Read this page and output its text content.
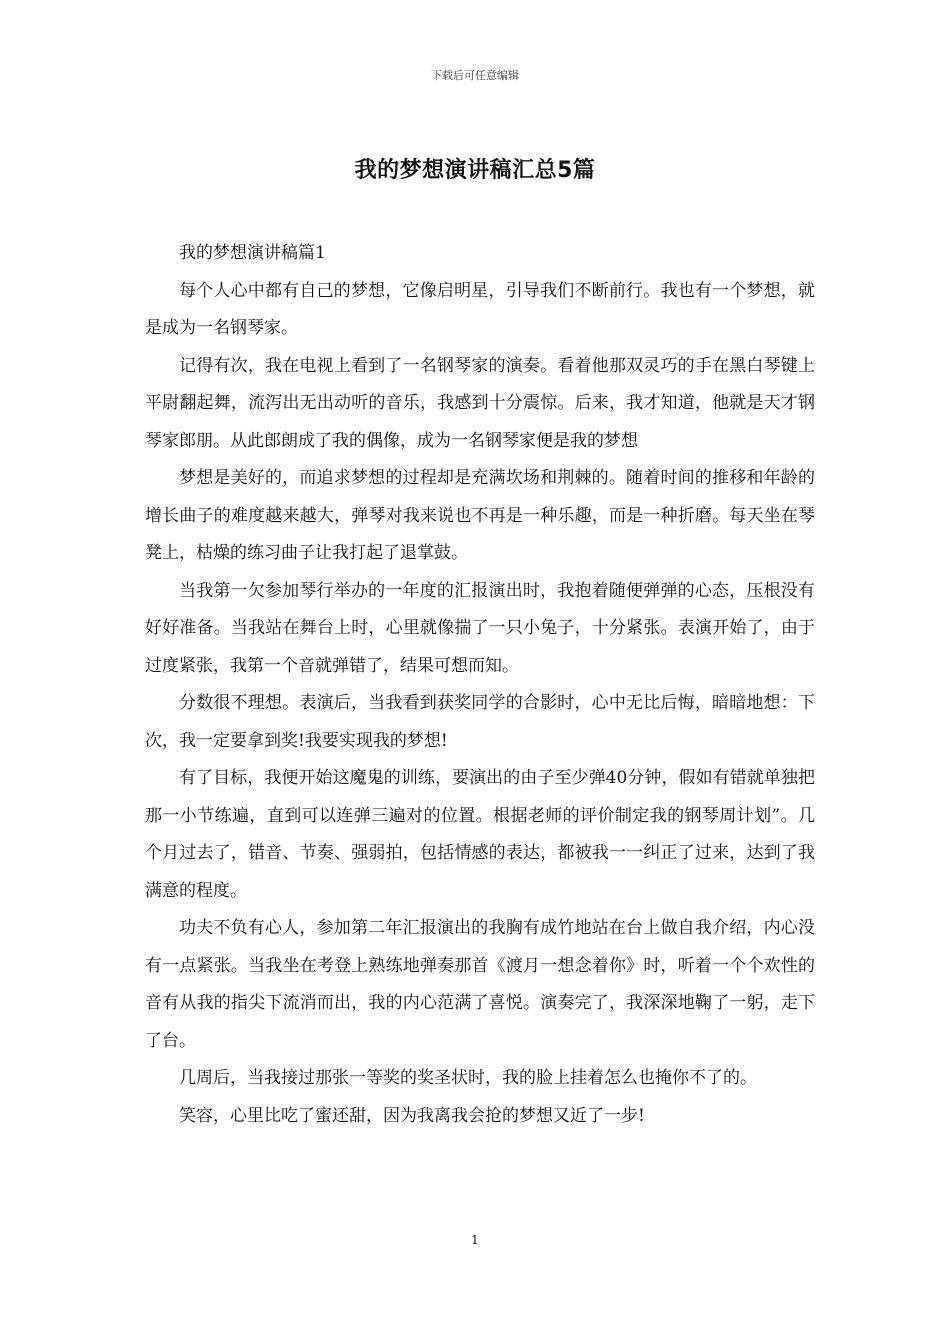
下载后可任意编辑
我的梦想演讲稿汇总5篇

我的梦想演讲稿篇1

每个人心中都有自己的梦想，它像启明星，引导我们不断前行。我也有一个梦想，就是成为一名钢琴家。

记得有次，我在电视上看到了一名钢琴家的演奏。看着他那双灵巧的手在黑白琴键上平尉翻起舞，流泻出无出动听的音乐，我感到十分震惊。后来，我才知道，他就是天才钢琴家郎朋。从此郎朗成了我的偶像，成为一名钢琴家便是我的梦想

梦想是美好的，而追求梦想的过程却是充满坎场和荆棘的。随着时间的推移和年龄的增长曲子的难度越来越大，弹琴对我来说也不再是一种乐趣，而是一种折磨。每天坐在琴凳上，枯燥的练习曲子让我打起了退掌鼓。

当我第一欠参加琴行举办的一年度的汇报演出时，我抱着随便弹弹的心态，压根没有好好准备。当我站在舞台上时，心里就像揣了一只小兔子，十分紧张。表演开始了，由于过度紧张，我第一个音就弹错了，结果可想而知。

分数很不理想。表演后，当我看到获奖同学的合影时，心中无比后悔，暗暗地想：下次，我一定要拿到奖!我要实现我的梦想!

有了目标，我便开始这魔鬼的训练，要演出的由子至少弹40分钟，假如有错就单独把那一小节练遍，直到可以连弹三遍对的位置。根据老师的评价制定我的钢琴周计划”。几个月过去了，错音、节奏、强弱拍，包括情感的表达，都被我一一纠正了过来，达到了我满意的程度。

功夫不负有心人，参加第二年汇报演出的我胸有成竹地站在台上做自我介绍，内心没有一点紧张。当我坐在考登上熟练地弹奏那首《渡月一想念着你》时，听着一个个欢性的音有从我的指尖下流消而出，我的内心范满了喜悦。演奏完了，我深深地鞠了一躬，走下了台。

几周后，当我接过那张一等奖的奖圣状时，我的脸上挂着怎么也掩你不了的。

笑容，心里比吃了蜜还甜，因为我离我会抢的梦想又近了一步!

1
